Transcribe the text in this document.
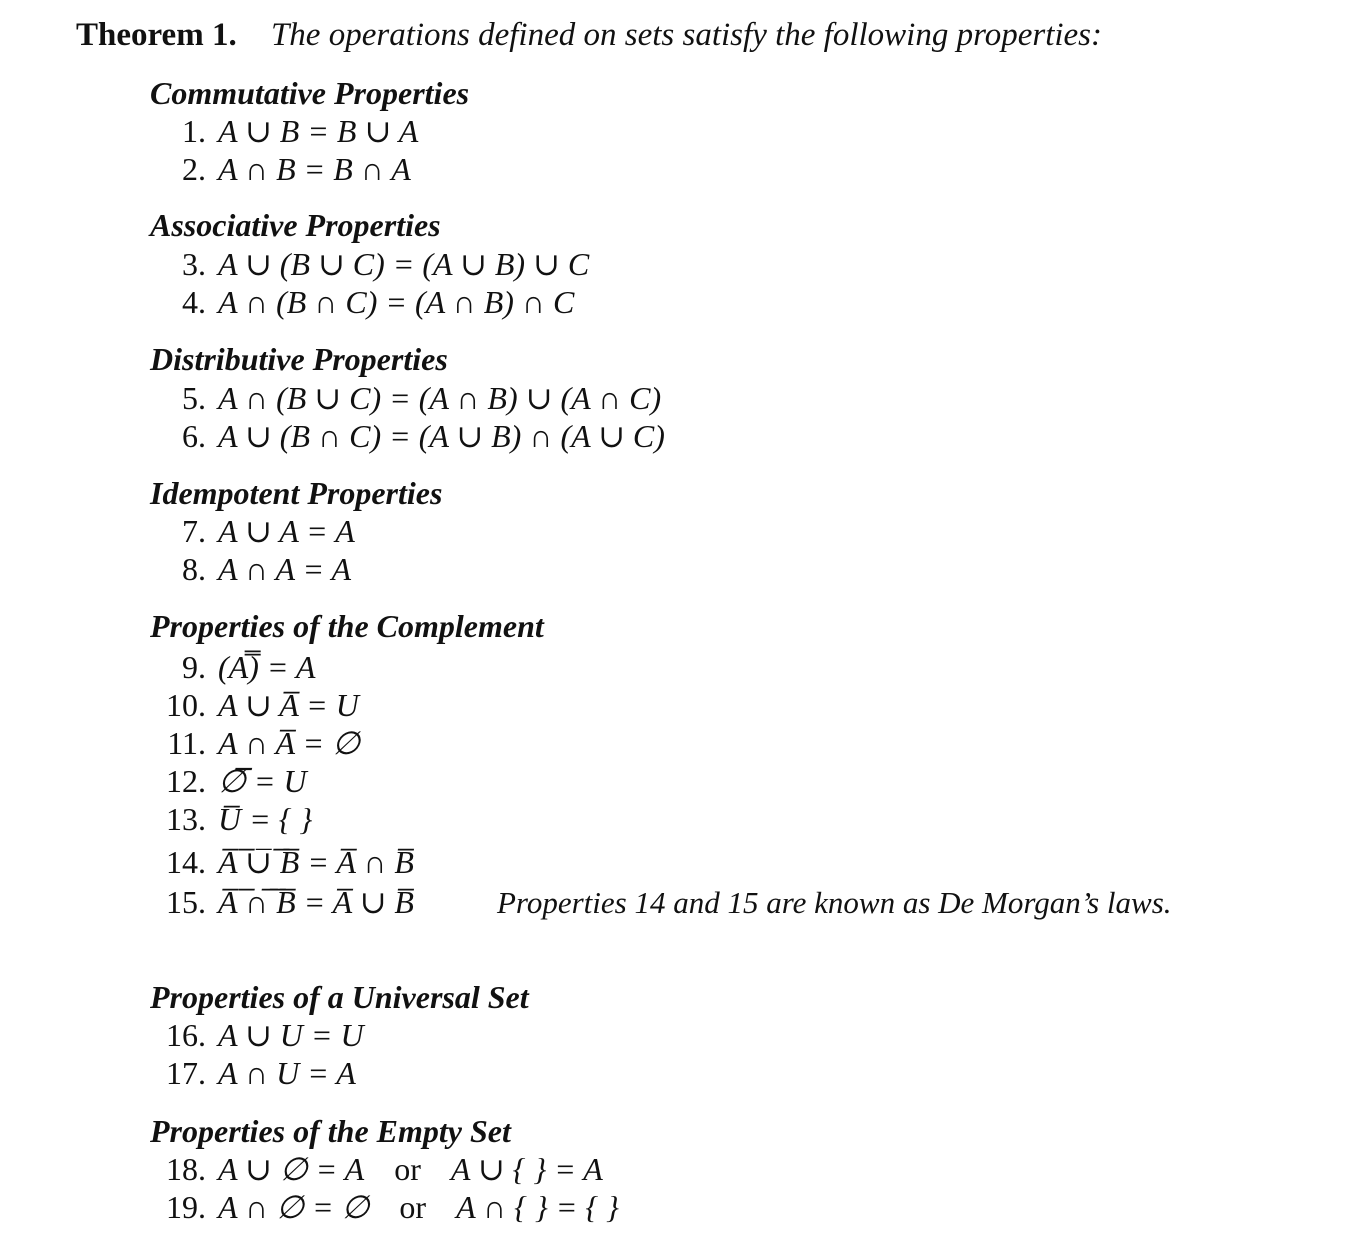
Theorem 1. The operations defined on sets satisfy the following properties:
Commutative Properties
1. A ∪ B = B ∪ A
2. A ∩ B = B ∩ A
Associative Properties
3. A ∪ (B ∪ C) = (A ∪ B) ∪ C
4. A ∩ (B ∩ C) = (A ∩ B) ∩ C
Distributive Properties
5. A ∩ (B ∪ C) = (A ∩ B) ∪ (A ∩ C)
6. A ∪ (B ∩ C) = (A ∪ B) ∩ (A ∪ C)
Idempotent Properties
7. A ∪ A = A
8. A ∩ A = A
Properties of the Complement
9. (A̿) = A
10. A ∪ A̅ = U
11. A ∩ A̅ = ∅
12. ∅̅ = U
13. U̅ = { }
14. A̅ ̅∪̅ ̅B̅ = A̅ ∩ B̅
15. A̅ ̅∩̅ ̅B̅ = A̅ ∪ B̅	Properties 14 and 15 are known as De Morgan’s laws.
Properties of a Universal Set
16. A ∪ U = U
17. A ∩ U = A
Properties of the Empty Set
18. A ∪ ∅ = A or A ∪ { } = A
19. A ∩ ∅ = ∅ or A ∩ { } = { }
